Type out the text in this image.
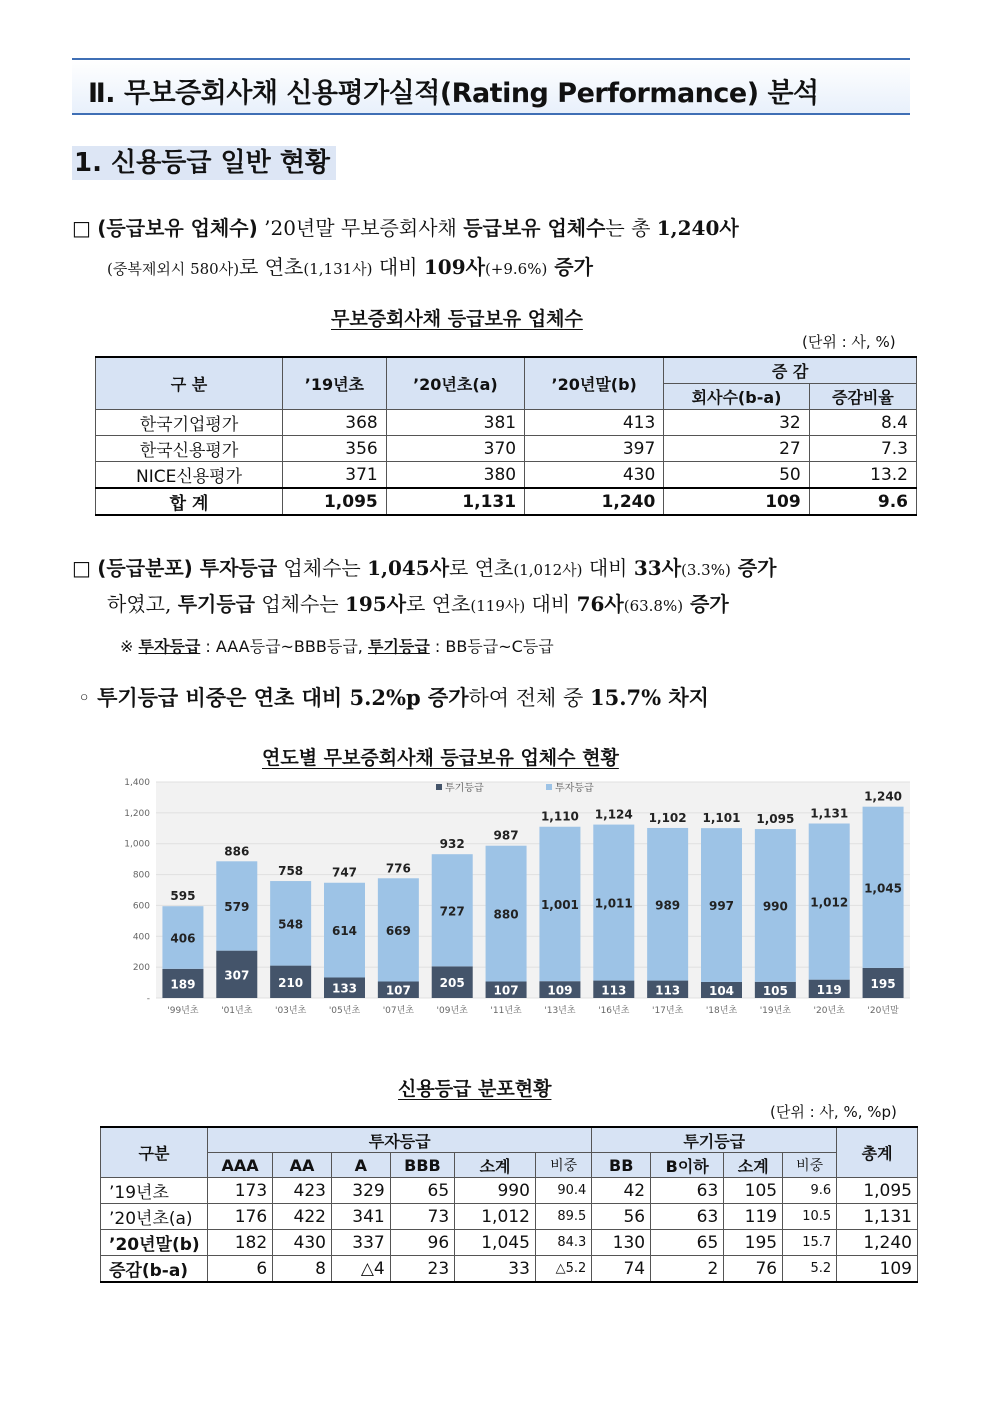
Ⅱ. 무보증회사채 신용평가실적(Rating Performance) 분석
1. 신용등급 일반 현황
□ (등급보유 업체수) ’20년말 무보증회사채 등급보유 업체수는 총 1,240사
(중복제외시 580사)로 연초(1,131사) 대비 109사(+9.6%) 증가
무보증회사채 등급보유 업체수
(단위 : 사, %)
구 분	’19년초	’20년초(a)	’20년말(b)	증 감	
				회사수(b-a)	증감비율
한국기업평가	368	381	413	32	8.4
한국신용평가	356	370	397	27	7.3
NICE신용평가	371	380	430	50	13.2
합 계	1,095	1,131	1,240	109	9.6
□ (등급분포) 투자등급 업체수는 1,045사로 연초(1,012사) 대비 33사(3.3%) 증가
하였고, 투기등급 업체수는 195사로 연초(119사) 대비 76사(63.8%) 증가
※ 투자등급 : AAA등급~BBB등급, 투기등급 : BB등급~C등급
◦ 투기등급 비중은 연초 대비 5.2%p 증가하여 전체 중 15.7% 차지
연도별 무보증회사채 등급보유 업체수 현황
-
200
400
600
800
1,000
1,200
1,400	투기등급	투자등급
189
406
595
'99년초
307
579
886
'01년초
210
548
758
'03년초
133
614
747
'05년초
107
669
776
'07년초
205
727
932
'09년초
107
880
987
'11년초
109
1,001
1,110
'13년초
113
1,011
1,124
'16년초
113
989
1,102
'17년초
104
997
1,101
'18년초
105
990
1,095
'19년초
119
1,012
1,131
'20년초
195
1,045
1,240
'20년말
신용등급 분포현황
(단위 : 사, %, %p)
구분	투자등급						투기등급				총계
	AAA	AA	A	BBB	소계	비중	BB	B이하	소계	비중	
’19년초	173	423	329	65	990	90.4	42	63	105	9.6	1,095
’20년초(a)	176	422	341	73	1,012	89.5	56	63	119	10.5	1,131
’20년말(b)	182	430	337	96	1,045	84.3	130	65	195	15.7	1,240
증감(b-a)	6	8	△4	23	33	△5.2	74	2	76	5.2	109
